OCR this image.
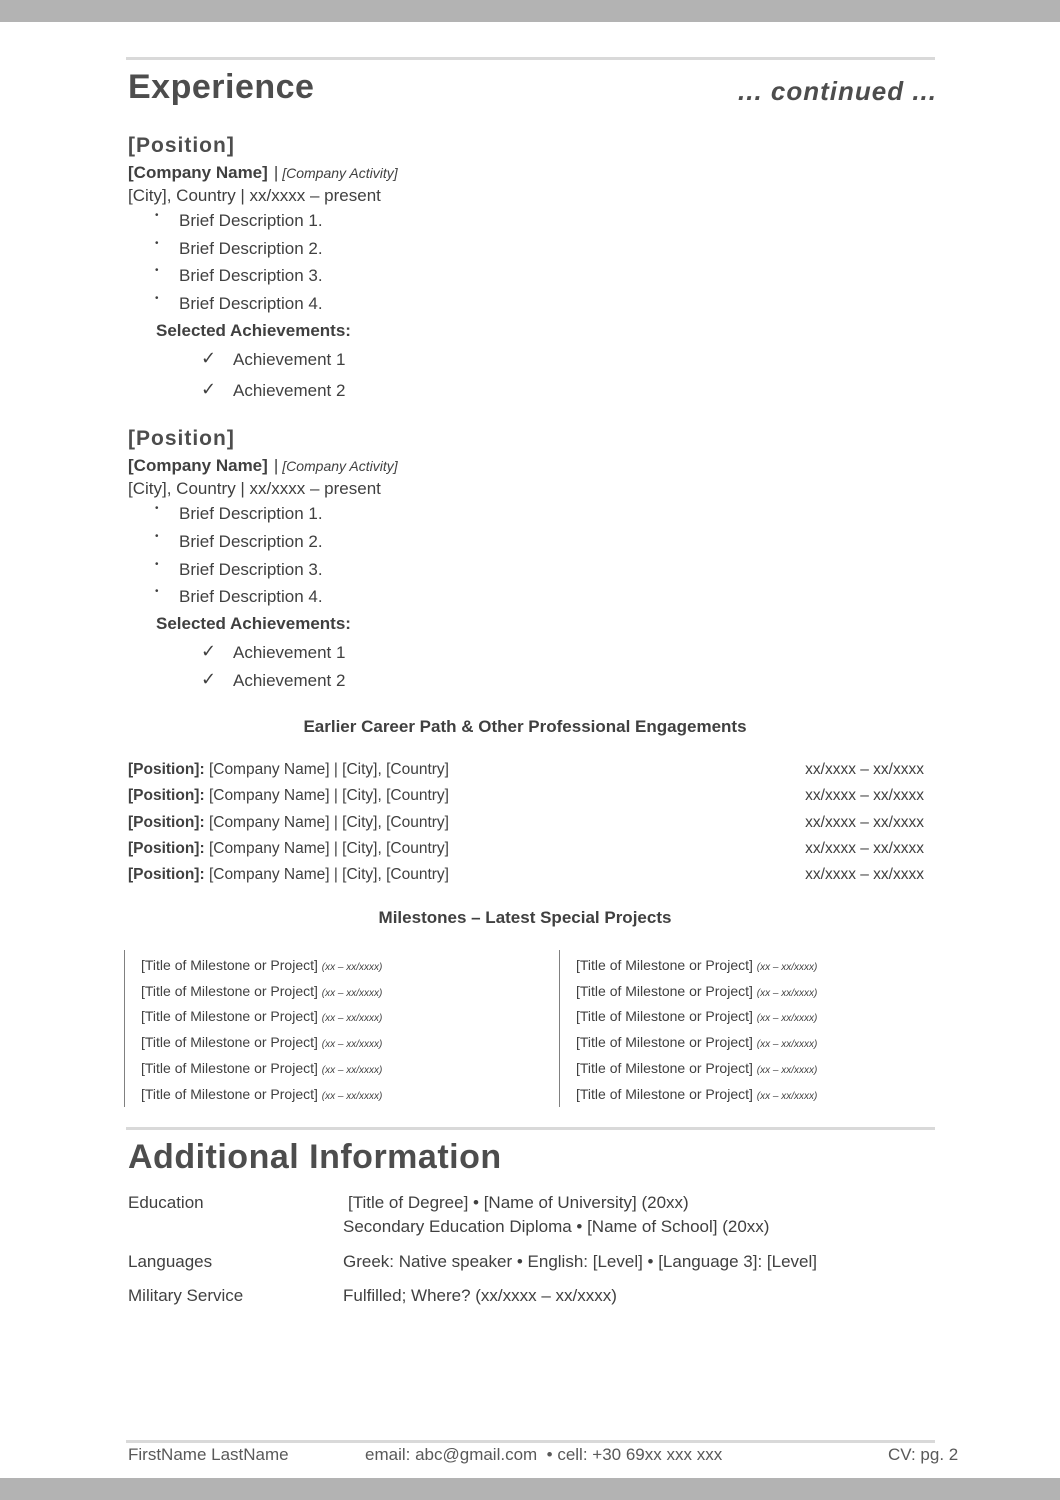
Experience	... continued ...
[Position]
[Company Name] | [Company Activity]
[City], Country | xx/xxxx – present
• Brief Description 1.
• Brief Description 2.
• Brief Description 3.
• Brief Description 4.
Selected Achievements:
✓ Achievement 1
✓ Achievement 2
[Position]
[Company Name] | [Company Activity]
[City], Country | xx/xxxx – present
• Brief Description 1.
• Brief Description 2.
• Brief Description 3.
• Brief Description 4.
Selected Achievements:
✓ Achievement 1
✓ Achievement 2
Earlier Career Path & Other Professional Engagements
[Position]: [Company Name] | [City], [Country]	xx/xxxx – xx/xxxx
[Position]: [Company Name] | [City], [Country]	xx/xxxx – xx/xxxx
[Position]: [Company Name] | [City], [Country]	xx/xxxx – xx/xxxx
[Position]: [Company Name] | [City], [Country]	xx/xxxx – xx/xxxx
[Position]: [Company Name] | [City], [Country]	xx/xxxx – xx/xxxx
Milestones – Latest Special Projects
[Title of Milestone or Project] (xx – xx/xxxx)
[Title of Milestone or Project] (xx – xx/xxxx)
[Title of Milestone or Project] (xx – xx/xxxx)
[Title of Milestone or Project] (xx – xx/xxxx)
[Title of Milestone or Project] (xx – xx/xxxx)
[Title of Milestone or Project] (xx – xx/xxxx)
[Title of Milestone or Project] (xx – xx/xxxx)
[Title of Milestone or Project] (xx – xx/xxxx)
[Title of Milestone or Project] (xx – xx/xxxx)
[Title of Milestone or Project] (xx – xx/xxxx)
[Title of Milestone or Project] (xx – xx/xxxx)
[Title of Milestone or Project] (xx – xx/xxxx)
Additional Information
Education	[Title of Degree] • [Name of University] (20xx)
Secondary Education Diploma • [Name of School] (20xx)
Languages	Greek: Native speaker • English: [Level] • [Language 3]: [Level]
Military Service	Fulfilled; Where? (xx/xxxx – xx/xxxx)
FirstName LastName	email: abc@gmail.com  • cell: +30 69xx xxx xxx	CV: pg. 2
